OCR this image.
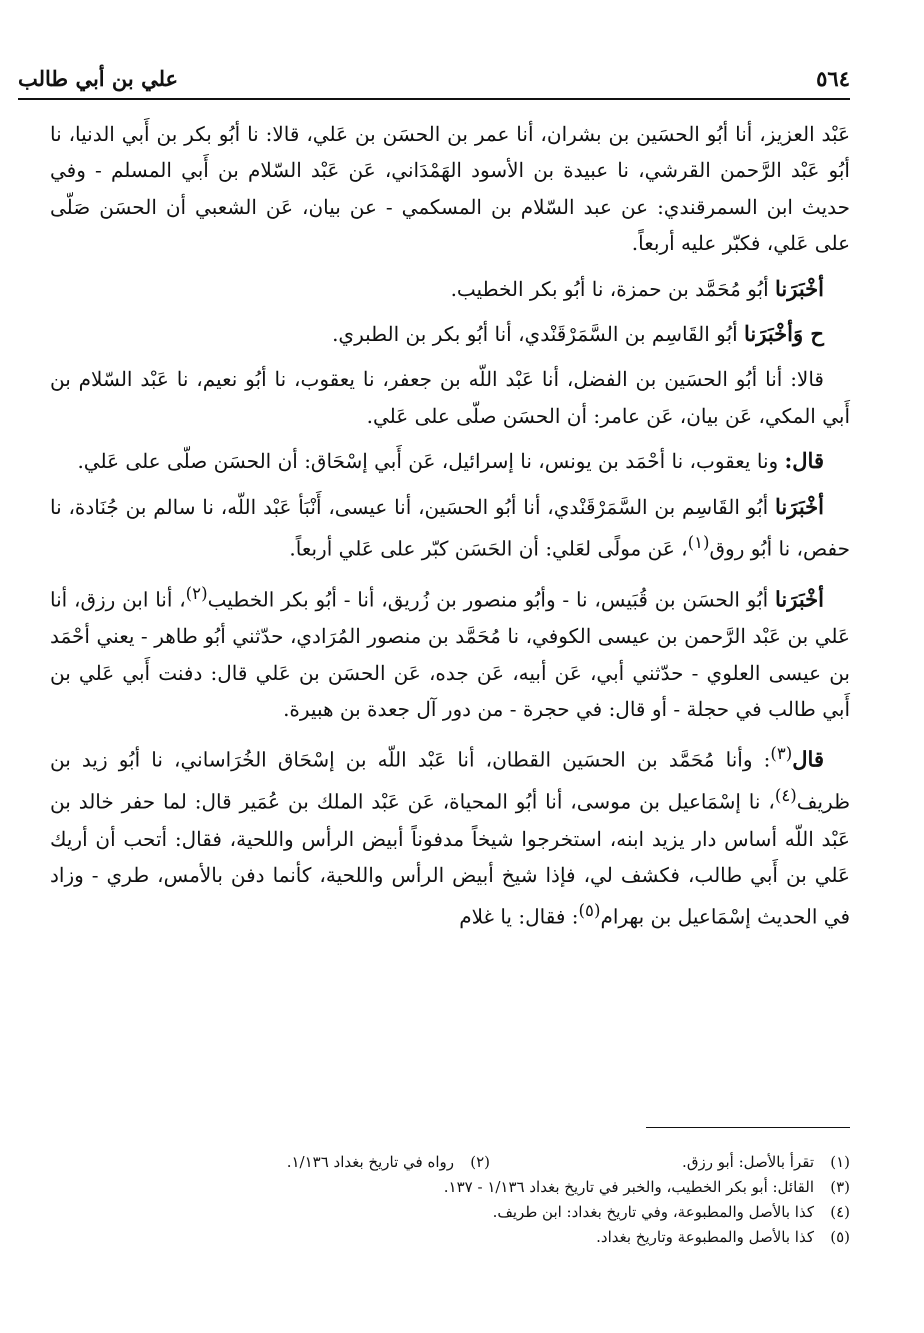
٥٦٤
علي بن أبي طالب

عَبْد العزيز، أنا أبُو الحسَين بن بشران، أنا عمر بن الحسَن بن عَلي، قالا: نا أبُو بكر بن أَبي الدنيا، نا أبُو عَبْد الرَّحمن القرشي، نا عبيدة بن الأسود الهَمْدَاني، عَن عَبْد السّلام بن أَبي المسلم - وفي حديث ابن السمرقندي: عن عبد السّلام بن المسكمي - عن بيان، عَن الشعبي أن الحسَن صَلّى على عَلي، فكبّر عليه أربعاً.

أخْبَرَنا أبُو مُحَمَّد بن حمزة، نا أبُو بكر الخطيب.

ح وَأخْبَرَنا أبُو القَاسِم بن السَّمَرْقَنْدي، أنا أبُو بكر بن الطبري.

قالا: أنا أبُو الحسَين بن الفضل، أنا عَبْد اللّه بن جعفر، نا يعقوب، نا أبُو نعيم، نا عَبْد السّلام بن أَبي المكي، عَن بيان، عَن عامر: أن الحسَن صلّى على عَلي.

قال: ونا يعقوب، نا أحْمَد بن يونس، نا إسرائيل، عَن أَبي إسْحَاق: أن الحسَن صلّى على عَلي.

أخْبَرَنا أبُو القَاسِم بن السَّمَرْقَنْدي، أنا أبُو الحسَين، أنا عيسى، أَنْبَأ عَبْد اللّه، نا سالم بن جُنَادة، نا حفص، نا أبُو روق$^{(١)}$، عَن مولًى لعَلي: أن الحَسَن كبّر على عَلي أربعاً.

أخْبَرَنا أبُو الحسَن بن قُبَيس، نا - وأبُو منصور بن زُريق، أنا - أبُو بكر الخطيب$^{(٢)}$، أنا ابن رزق، أنا عَلي بن عَبْد الرَّحمن بن عيسى الكوفي، نا مُحَمَّد بن منصور المُرَادي، حدّثني أبُو طاهر - يعني أحْمَد بن عيسى العلوي - حدّثني أبي، عَن أبيه، عَن جده، عَن الحسَن بن عَلي قال: دفنت أَبي عَلي بن أَبي طالب في حجلة - أو قال: في حجرة - من دور آل جعدة بن هبيرة.

قال$^{(٣)}$: وأنا مُحَمَّد بن الحسَين القطان، أنا عَبْد اللّه بن إسْحَاق الخُرَاساني، نا أبُو زيد بن ظريف$^{(٤)}$، نا إسْمَاعيل بن موسى، أنا أبُو المحياة، عَن عَبْد الملك بن عُمَير قال: لما حفر خالد بن عَبْد اللّه أساس دار يزيد ابنه، استخرجوا شيخاً مدفوناً أبيض الرأس واللحية، فقال: أتحب أن أريك عَلي بن أَبي طالب، فكشف لي، فإذا شيخ أبيض الرأس واللحية، كأنما دفن بالأمس، طري - وزاد في الحديث إسْمَاعيل بن بهرام$^{(٥)}$: فقال: يا غلام

(١)
تقرأ بالأصل: أبو رزق.
(٢)
رواه في تاريخ بغداد ١/١٣٦.
(٣)
القائل: أبو بكر الخطيب، والخبر في تاريخ بغداد ١/١٣٦ - ١٣٧.
(٤)
كذا بالأصل والمطبوعة، وفي تاريخ بغداد: ابن طريف.
(٥)
كذا بالأصل والمطبوعة وتاريخ بغداد.
